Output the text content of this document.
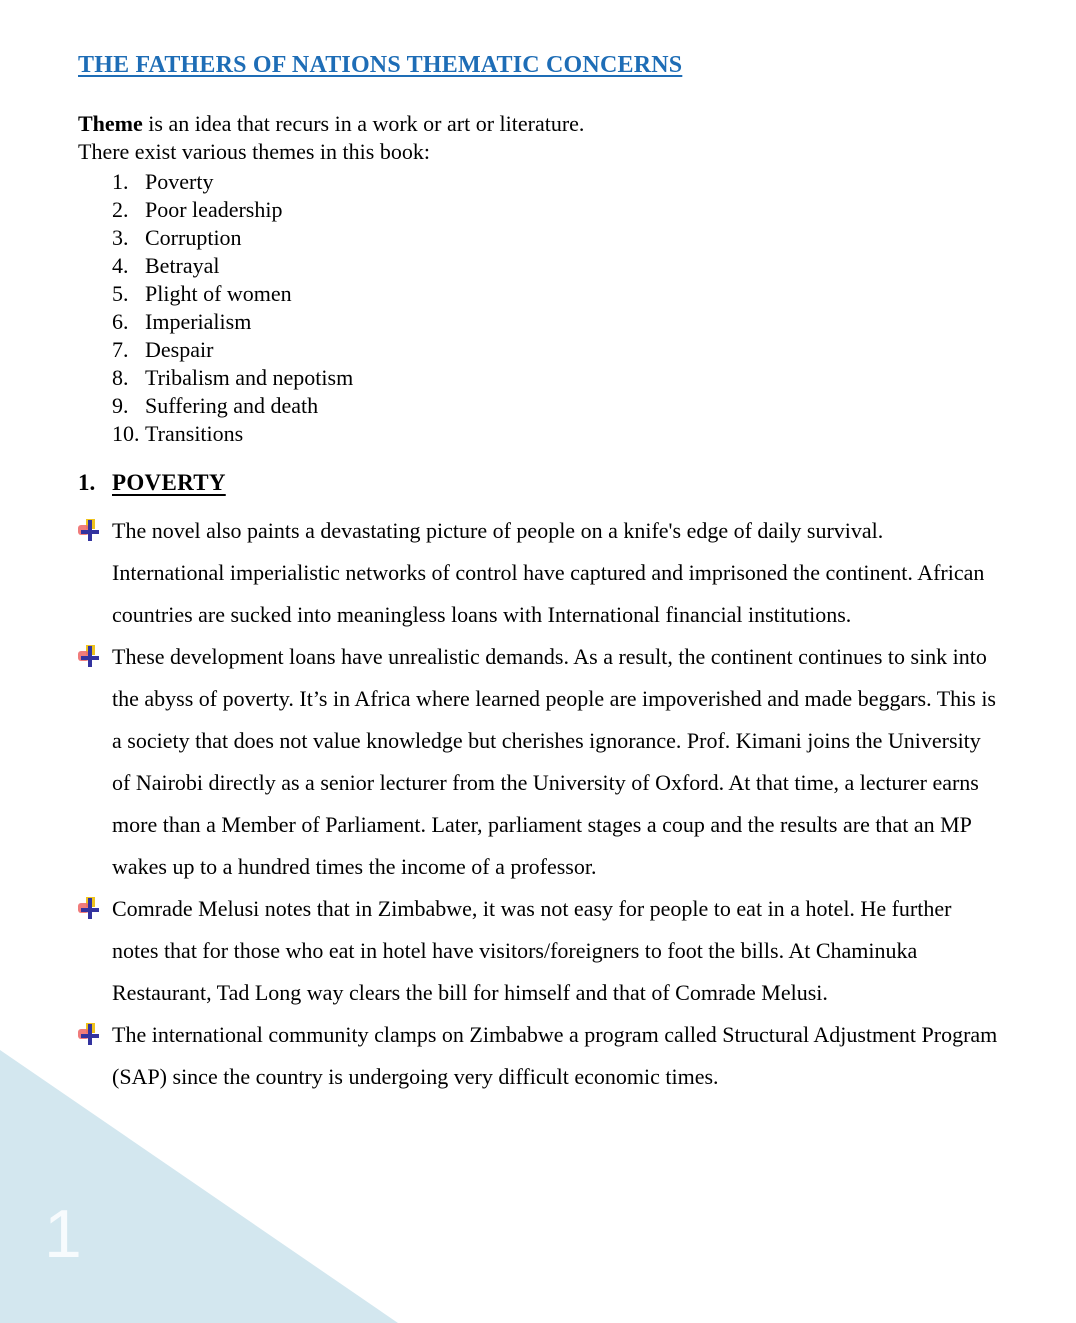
1
THE FATHERS OF NATIONS THEMATIC CONCERNS

Theme is an idea that recurs in a work or art or literature.

There exist various themes in this book:

1. Poverty
2. Poor leadership
3. Corruption
4. Betrayal
5. Plight of women
6. Imperialism
7. Despair
8. Tribalism and nepotism
9. Suffering and death
10. Transitions
1. POVERTY

The novel also paints a devastating picture of people on a knife's edge of daily survival. International imperialistic networks of control have captured and imprisoned the continent. African countries are sucked into meaningless loans with International financial institutions.

These development loans have unrealistic demands. As a result, the continent continues to sink into the abyss of poverty. It’s in Africa where learned people are impoverished and made beggars. This is a society that does not value knowledge but cherishes ignorance. Prof. Kimani joins the University of Nairobi directly as a senior lecturer from the University of Oxford. At that time, a lecturer earns more than a Member of Parliament. Later, parliament stages a coup and the results are that an MP wakes up to a hundred times the income of a professor.

Comrade Melusi notes that in Zimbabwe, it was not easy for people to eat in a hotel. He further notes that for those who eat in hotel have visitors/foreigners to foot the bills. At Chaminuka Restaurant, Tad Long way clears the bill for himself and that of Comrade Melusi.

The international community clamps on Zimbabwe a program called Structural Adjustment Program (SAP) since the country is undergoing very difficult economic times.
